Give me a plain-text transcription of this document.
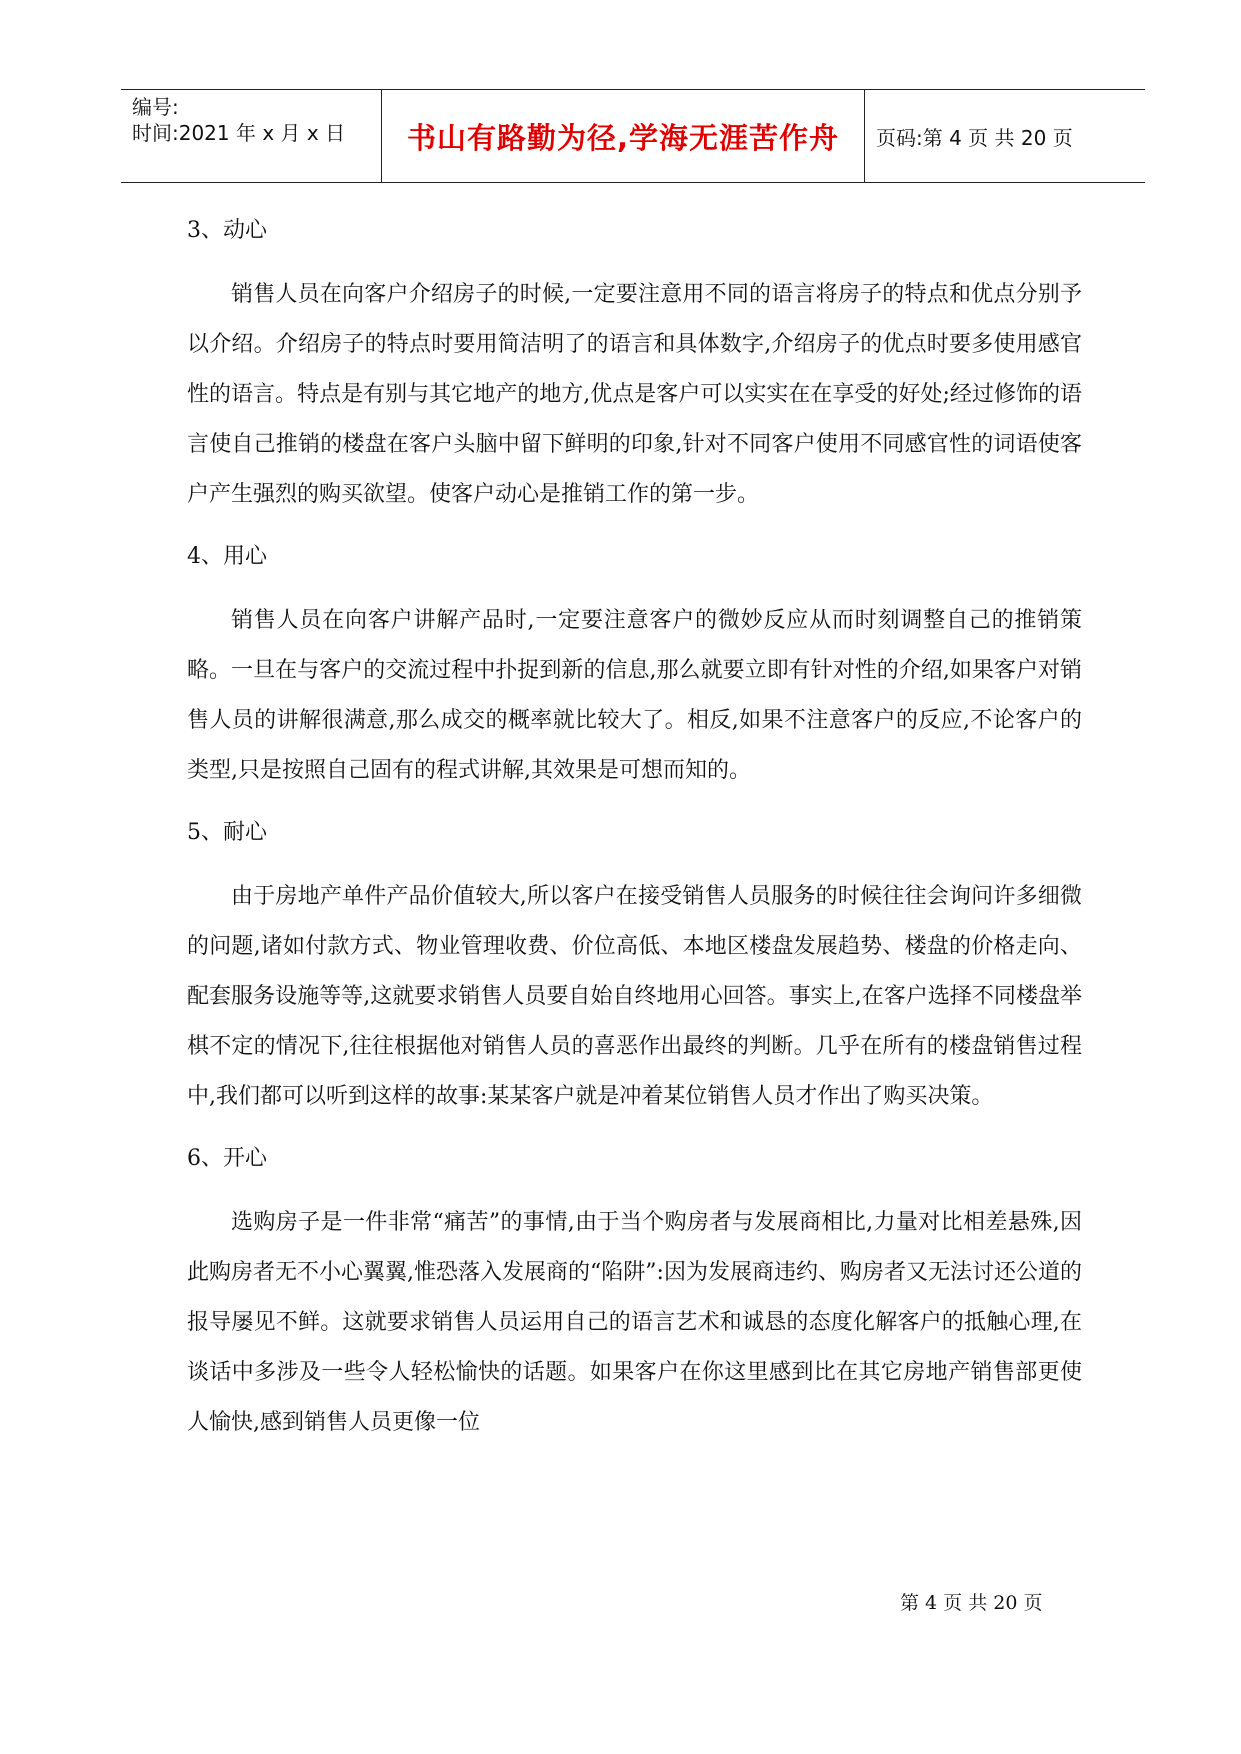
编号:
时间:2021 年 x 月 x 日	书山有路勤为径,学海无涯苦作舟	页码:第 4 页 共 20 页
3、动心
销售人员在向客户介绍房子的时候,一定要注意用不同的语言将房子的特点和优点分别予以介绍。介绍房子的特点时要用简洁明了的语言和具体数字,介绍房子的优点时要多使用感官性的语言。特点是有别与其它地产的地方,优点是客户可以实实在在享受的好处;经过修饰的语言使自己推销的楼盘在客户头脑中留下鲜明的印象,针对不同客户使用不同感官性的词语使客户产生强烈的购买欲望。使客户动心是推销工作的第一步。
4、用心
销售人员在向客户讲解产品时,一定要注意客户的微妙反应从而时刻调整自己的推销策略。一旦在与客户的交流过程中扑捉到新的信息,那么就要立即有针对性的介绍,如果客户对销售人员的讲解很满意,那么成交的概率就比较大了。相反,如果不注意客户的反应,不论客户的类型,只是按照自己固有的程式讲解,其效果是可想而知的。
5、耐心
由于房地产单件产品价值较大,所以客户在接受销售人员服务的时候往往会询问许多细微的问题,诸如付款方式、物业管理收费、价位高低、本地区楼盘发展趋势、楼盘的价格走向、配套服务设施等等,这就要求销售人员要自始自终地用心回答。事实上,在客户选择不同楼盘举棋不定的情况下,往往根据他对销售人员的喜恶作出最终的判断。几乎在所有的楼盘销售过程中,我们都可以听到这样的故事:某某客户就是冲着某位销售人员才作出了购买决策。
6、开心
选购房子是一件非常“痛苦”的事情,由于当个购房者与发展商相比,力量对比相差悬殊,因此购房者无不小心翼翼,惟恐落入发展商的“陷阱”:因为发展商违约、购房者又无法讨还公道的报导屡见不鲜。这就要求销售人员运用自己的语言艺术和诚恳的态度化解客户的抵触心理,在谈话中多涉及一些令人轻松愉快的话题。如果客户在你这里感到比在其它房地产销售部更使人愉快,感到销售人员更像一位
第 4 页 共 20 页
